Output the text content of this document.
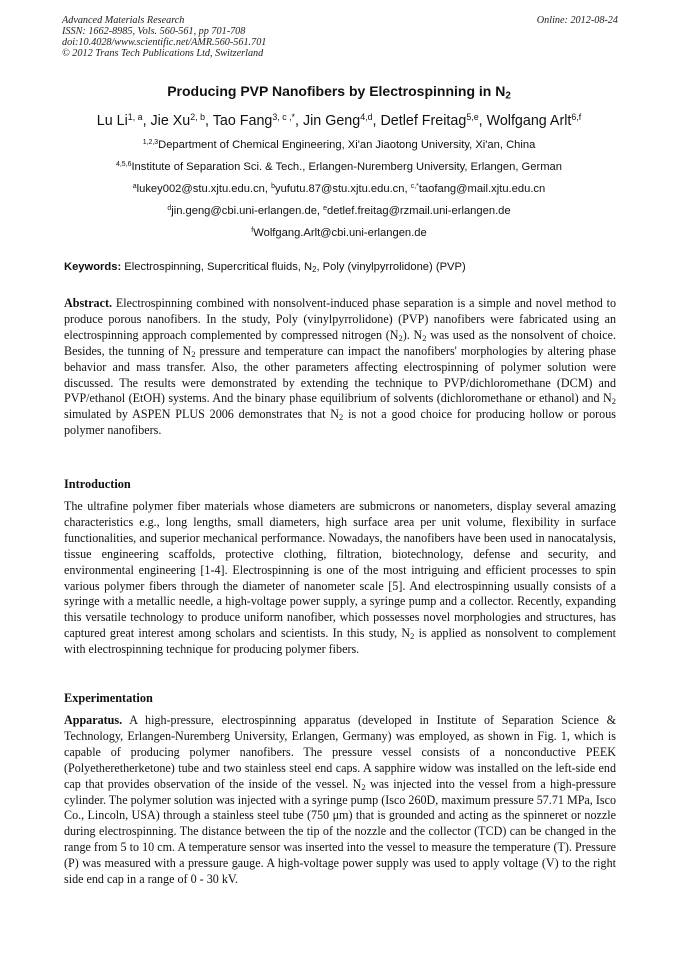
Advanced Materials Research
ISSN: 1662-8985, Vols. 560-561, pp 701-708
doi:10.4028/www.scientific.net/AMR.560-561.701
© 2012 Trans Tech Publications Ltd, Switzerland
Online: 2012-08-24
Producing PVP Nanofibers by Electrospinning in $N_2$
Lu Li$^{1, a}$, Jie Xu$^{2, b}$, Tao Fang$^{3, c ,*}$, Jin Geng$^{4,d}$, Detlef Freitag$^{5,e}$, Wolfgang Arlt$^{6,f}$
$^{1,2,3}$Department of Chemical Engineering, Xi'an Jiaotong University, Xi'an, China
$^{4,5,6}$Institute of Separation Sci. & Tech., Erlangen-Nuremberg University, Erlangen, German
$^a$lukey002@stu.xjtu.edu.cn, $^b$yufutu.87@stu.xjtu.edu.cn, $^{c,*}$taofang@mail.xjtu.edu.cn
$^d$jin.geng@cbi.uni-erlangen.de, $^e$detlef.freitag@rzmail.uni-erlangen.de
$^f$Wolfgang.Arlt@cbi.uni-erlangen.de
Keywords: Electrospinning, Supercritical fluids, $N_2$, Poly (vinylpyrrolidone) (PVP)

Abstract. Electrospinning combined with nonsolvent-induced phase separation is a simple and novel method to produce porous nanofibers. In the study, Poly (vinylpyrrolidone) (PVP) nanofibers were fabricated using an electrospinning approach complemented by compressed nitrogen $(N_2)$. $N_2$ was used as the nonsolvent of choice. Besides, the tunning of $N_2$ pressure and temperature can impact the nanofibers' morphologies by altering phase behavior and mass transfer. Also, the other parameters affecting electrospinning of polymer solution were discussed. The results were demonstrated by extending the technique to PVP/dichloromethane (DCM) and PVP/ethanol (EtOH) systems. And the binary phase equilibrium of solvents (dichloromethane or ethanol) and $N_2$ simulated by ASPEN PLUS 2006 demonstrates that $N_2$ is not a good choice for producing hollow or porous polymer nanofibers.

Introduction

The ultrafine polymer fiber materials whose diameters are submicrons or nanometers, display several amazing characteristics e.g., long lengths, small diameters, high surface area per unit volume, flexibility in surface functionalities, and superior mechanical performance. Nowadays, the nanofibers have been used in nanocatalysis, tissue engineering scaffolds, protective clothing, filtration, biotechnology, defense and security, and environmental engineering [1-4]. Electrospinning is one of the most intriguing and efficient processes to spin various polymer fibers through the diameter of nanometer scale [5]. And electrospinning usually consists of a syringe with a metallic needle, a high-voltage power supply, a syringe pump and a collector. Recently, expanding this versatile technology to produce uniform nanofiber, which possesses novel morphologies and structures, has captured great interest among scholars and scientists. In this study, $N_2$ is applied as nonsolvent to complement with electrospinning technique for producing polymer fibers.

Experimentation

Apparatus. A high-pressure, electrospinning apparatus (developed in Institute of Separation Science & Technology, Erlangen-Nuremberg University, Erlangen, Germany) was employed, as shown in Fig. 1, which is capable of producing polymer nanofibers. The pressure vessel consists of a nonconductive PEEK (Polyetheretherketone) tube and two stainless steel end caps. A sapphire widow was installed on the left-side end cap that provides observation of the inside of the vessel. $N_2$ was injected into the vessel from a high-pressure cylinder. The polymer solution was injected with a syringe pump (Isco 260D, maximum pressure 57.71 MPa, Isco Co., Lincoln, USA) through a stainless steel tube (750 μm) that is grounded and acting as the spinneret or nozzle during electrospinning. The distance between the tip of the nozzle and the collector (TCD) can be changed in the range from 5 to 10 cm. A temperature sensor was inserted into the vessel to measure the temperature (T). Pressure (P) was measured with a pressure gauge. A high-voltage power supply was used to apply voltage (V) to the right side end cap in a range of 0 - 30 kV.
